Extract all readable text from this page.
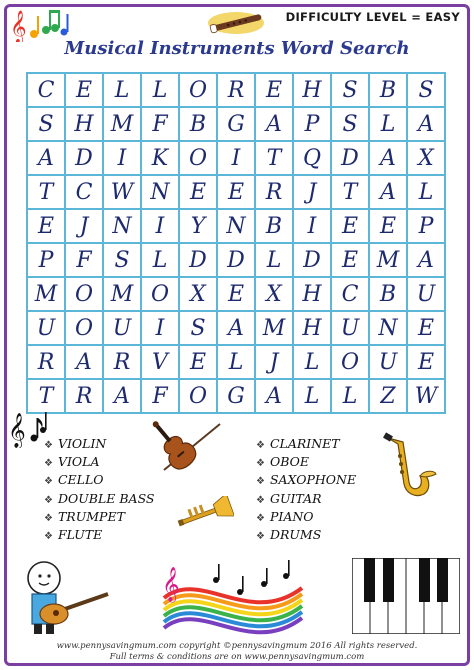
𝄞	DIFFICULTY LEVEL = EASY
Musical Instruments Word Search
C E	L	L O R E H S	B	S
S H M F	B G A	P	S	L	A
A D	I	K O	I	T Q D A	X
T	C W N E E R	J	T	A	L
E	J	N	I	Y N B	I	E E	P
P	F	S	L D D L D E M A
M O M O X	E	X H C B U
U O U	I	S	A M H U N E
R A R V	E	L	J	L O U E
T	R A	F O G A	L	L	Z W
𝄞 ❖ VIOLIN
❖ VIOLA
❖ CELLO
❖ DOUBLE BASS
❖ TRUMPET
❖ FLUTE
❖ CLARINET
❖ OBOE
❖ SAXOPHONE
❖ GUITAR
❖ PIANO
❖ DRUMS
𝄞
www.pennysavingmum.com copyright ©pennysavingmum 2016 All rights reserved.
Full terms & conditions are on www.pennysavingmum.com
